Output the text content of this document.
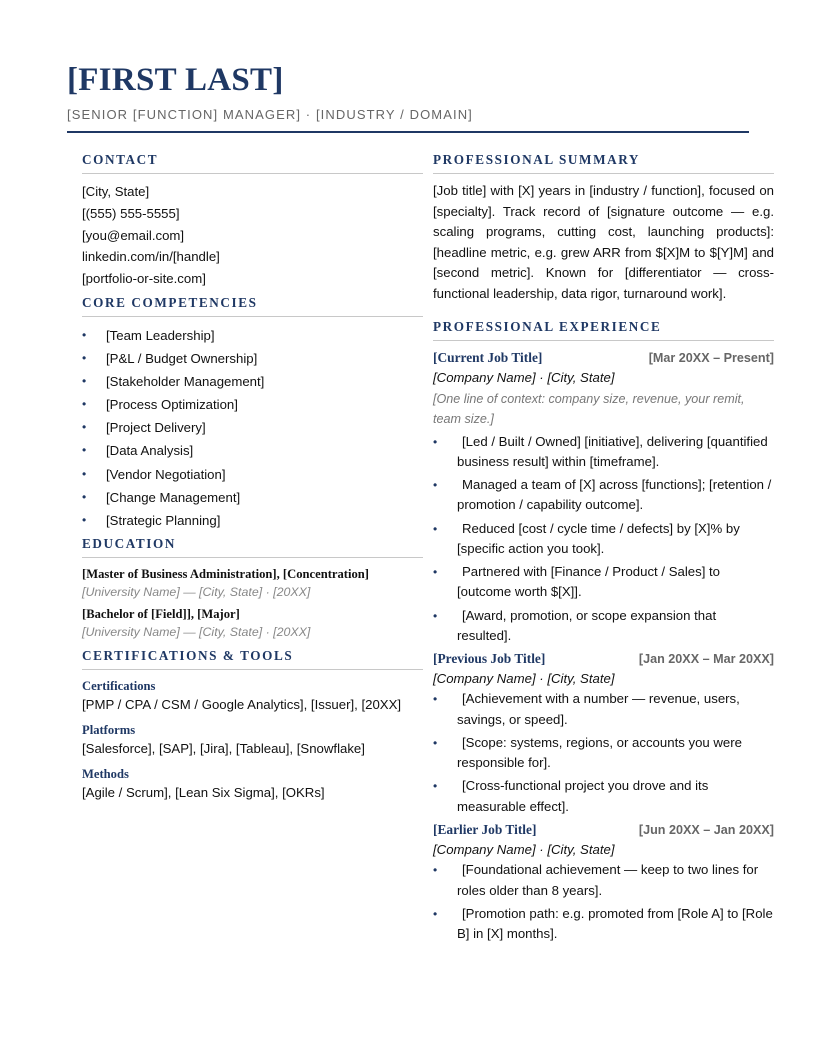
[FIRST LAST]
[SENIOR [FUNCTION] MANAGER] · [INDUSTRY / DOMAIN]
CONTACT
[City, State]
[(555) 555-5555]
[you@email.com]
linkedin.com/in/[handle]
[portfolio-or-site.com]
CORE COMPETENCIES
• [Team Leadership]
• [P&L / Budget Ownership]
• [Stakeholder Management]
• [Process Optimization]
• [Project Delivery]
• [Data Analysis]
• [Vendor Negotiation]
• [Change Management]
• [Strategic Planning]
EDUCATION
[Master of Business Administration], [Concentration]
[University Name] — [City, State] · [20XX]
[Bachelor of [Field]], [Major]
[University Name] — [City, State] · [20XX]
CERTIFICATIONS & TOOLS
Certifications
[PMP / CPA / CSM / Google Analytics], [Issuer], [20XX]
Platforms
[Salesforce], [SAP], [Jira], [Tableau], [Snowflake]
Methods
[Agile / Scrum], [Lean Six Sigma], [OKRs]
PROFESSIONAL SUMMARY
[Job title] with [X] years in [industry / function], focused on [specialty]. Track record of [signature outcome — e.g. scaling programs, cutting cost, launching products]: [headline metric, e.g. grew ARR from $[X]M to $[Y]M] and [second metric]. Known for [differentiator — cross-functional leadership, data rigor, turnaround work].
PROFESSIONAL EXPERIENCE
[Current Job Title]	[Mar 20XX – Present]
[Company Name] · [City, State]
[One line of context: company size, revenue, your remit, team size.]
• [Led / Built / Owned] [initiative], delivering [quantified business result] within [timeframe].
• Managed a team of [X] across [functions]; [retention / promotion / capability outcome].
• Reduced [cost / cycle time / defects] by [X]% by [specific action you took].
• Partnered with [Finance / Product / Sales] to [outcome worth $[X]].
• [Award, promotion, or scope expansion that resulted].
[Previous Job Title]	[Jan 20XX – Mar 20XX]
[Company Name] · [City, State]
• [Achievement with a number — revenue, users, savings, or speed].
• [Scope: systems, regions, or accounts you were responsible for].
• [Cross-functional project you drove and its measurable effect].
[Earlier Job Title]	[Jun 20XX – Jan 20XX]
[Company Name] · [City, State]
• [Foundational achievement — keep to two lines for roles older than 8 years].
• [Promotion path: e.g. promoted from [Role A] to [Role B] in [X] months].
